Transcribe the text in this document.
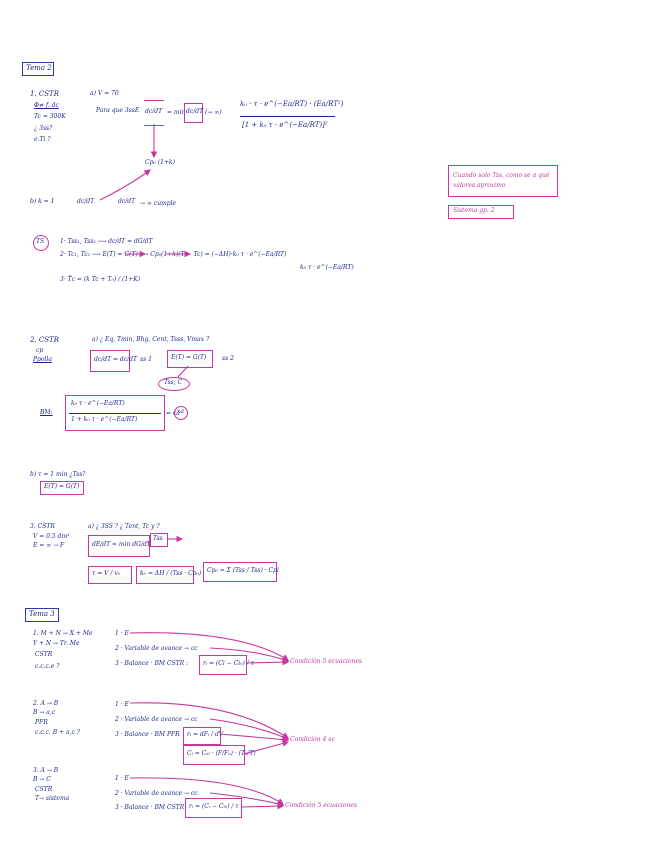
Tema 2
1. CSTR
Φ≠ f. dc
Tc = 300K
¿ 3ss?
e.Ti ?
a) V = 70
Para que 3ssE dc/dT = min dc/dT (→ ∞)
k₀ · τ · e^(−Ea/RT) · (Ea/RT²)
[1 + k₀ τ · e^(−Ea/RT)]²
Cp₀ (1+k)
b) k = 1	dc/dT	dc/dT → ∞ cumple
Cuando solo Tss, como se a qué valores aproximo
Sistema gp. 2
TS	1· Tss₁, Tss₂ ⟶ dc/dT = dG/dT
2· Tc₁, Tc₂ ⟶ E(T) = G(T) ⟶ Cp₀(1+k)(T − Tc) = (−ΔH)·k₀ τ · e^(−Ea/RT)
k₀ τ · e^(−Ea/RT)
3· T̄c = (k Tc + T₀) / (1+K)
2. CSTR
cp
Ppolla
a) ¿ Eq, Tmin, Bhg, Cent, Tsss, Vmax ?
dc/dT = dc/dT ss 1	E(T) = G(T)	ss 2
Tss, C
BM:
k₀ τ · e^(−Ea/RT)
1 + k₀ τ · e^(−Ea/RT)
= ca
xa
b) τ = 1 min ¿Tss?
E(T) = G(T)
3. CSTR
V = 0.5 dm³
E = ∞ → F
a) ¿ 3SS ? ¿ Tent, Tc y ?
dE/dT = min dG/dT
Tss
τ = V / v₀	k₀ = ΔH / (Tss · Cp₀) Cp₀ = Σ (Tss / Tss) · Cpi
Tema 3
1. M + N → X + Me
Y + N → Tr. Me
CSTR
c.c.c.e ?
1 · E
2 · Variable de avance → cc
3 · Balance · BM CSTR : rᵢ = (Ci − Ci₀) / τ	Condición 5 ecuaciones
2. A → B
B → a,c
PFR
c.c.c. B + a,c ?
1 · E
2 · Variable de avance → cc
3 · Balance · BM PFR rᵢ = dFᵢ / dV
Cᵢ = Cᵢ₀ · (F/Fₒ) · (T₀/T)
Condición 4 ec
3. A → B
B → C
CSTR
T→ sistema
1 · E
2 · Variable de avance → cc
3 · Balance · BM CSTR rᵢ = (Cᵢ − Cᵢ₀) / τ	Condición 5 ecuaciones
